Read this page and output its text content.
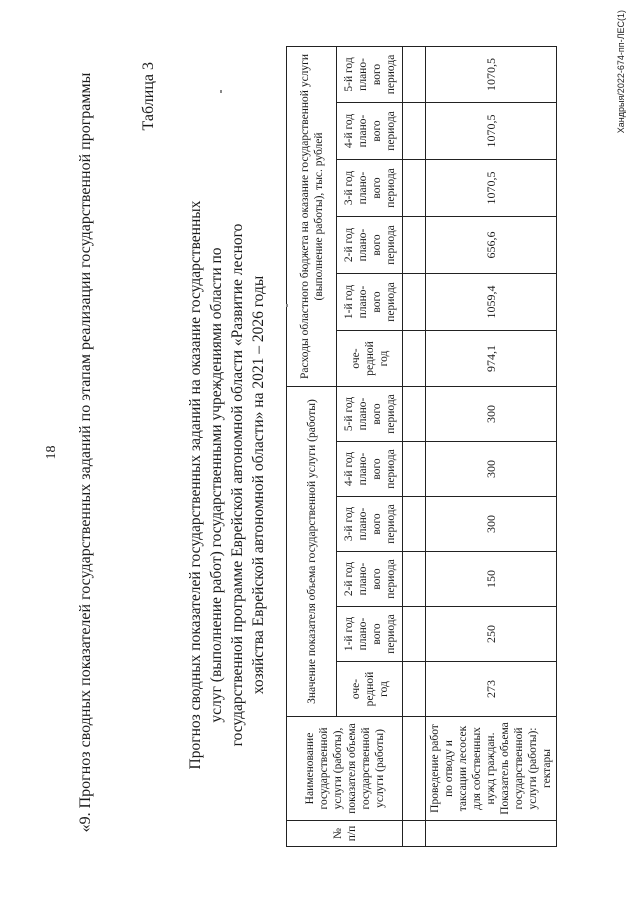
18 «9. Прогноз сводных показателей государственных заданий по этапам реализации государственной программы	Таблица 3
Прогноз сводных показателей государственных заданий на оказание государственных услуг (выполнение работ) государственными учреждениями области по государственной программе Еврейской автономной области «Развитие лесного хозяйства Еврейской автономной области» на 2021 – 2026 годы
№ п/п	Наименование государственной услуги (работы), показателя объема государственной услуги (работы)	Значение показателя объема государственной услуги (работы)						Расходы областного бюджета на оказание государственной услуги (выполнение работы), тыс. рублей					
		оче-редной год	1-й год плано-вого периода	2-й год плано-вого периода	3-й год плано-вого периода	4-й год плано-вого периода	5-й год плано-вого периода	оче-редной год	1-й год плано-вого периода	2-й год плано-вого периода	3-й год плано-вого периода	4-й год плано-вого периода	5-й год плано-вого периода

	Проведение работ по отводу и таксации лесосек для собственных нужд граждан. Показатель объема государственной услуги (работы): гектары	273	250	150	300	300	300	974,1	1059,4	656,6	1070,5	1070,5	1070,5	Хандрыя/2022-674-пп-ЛЕС(1)
